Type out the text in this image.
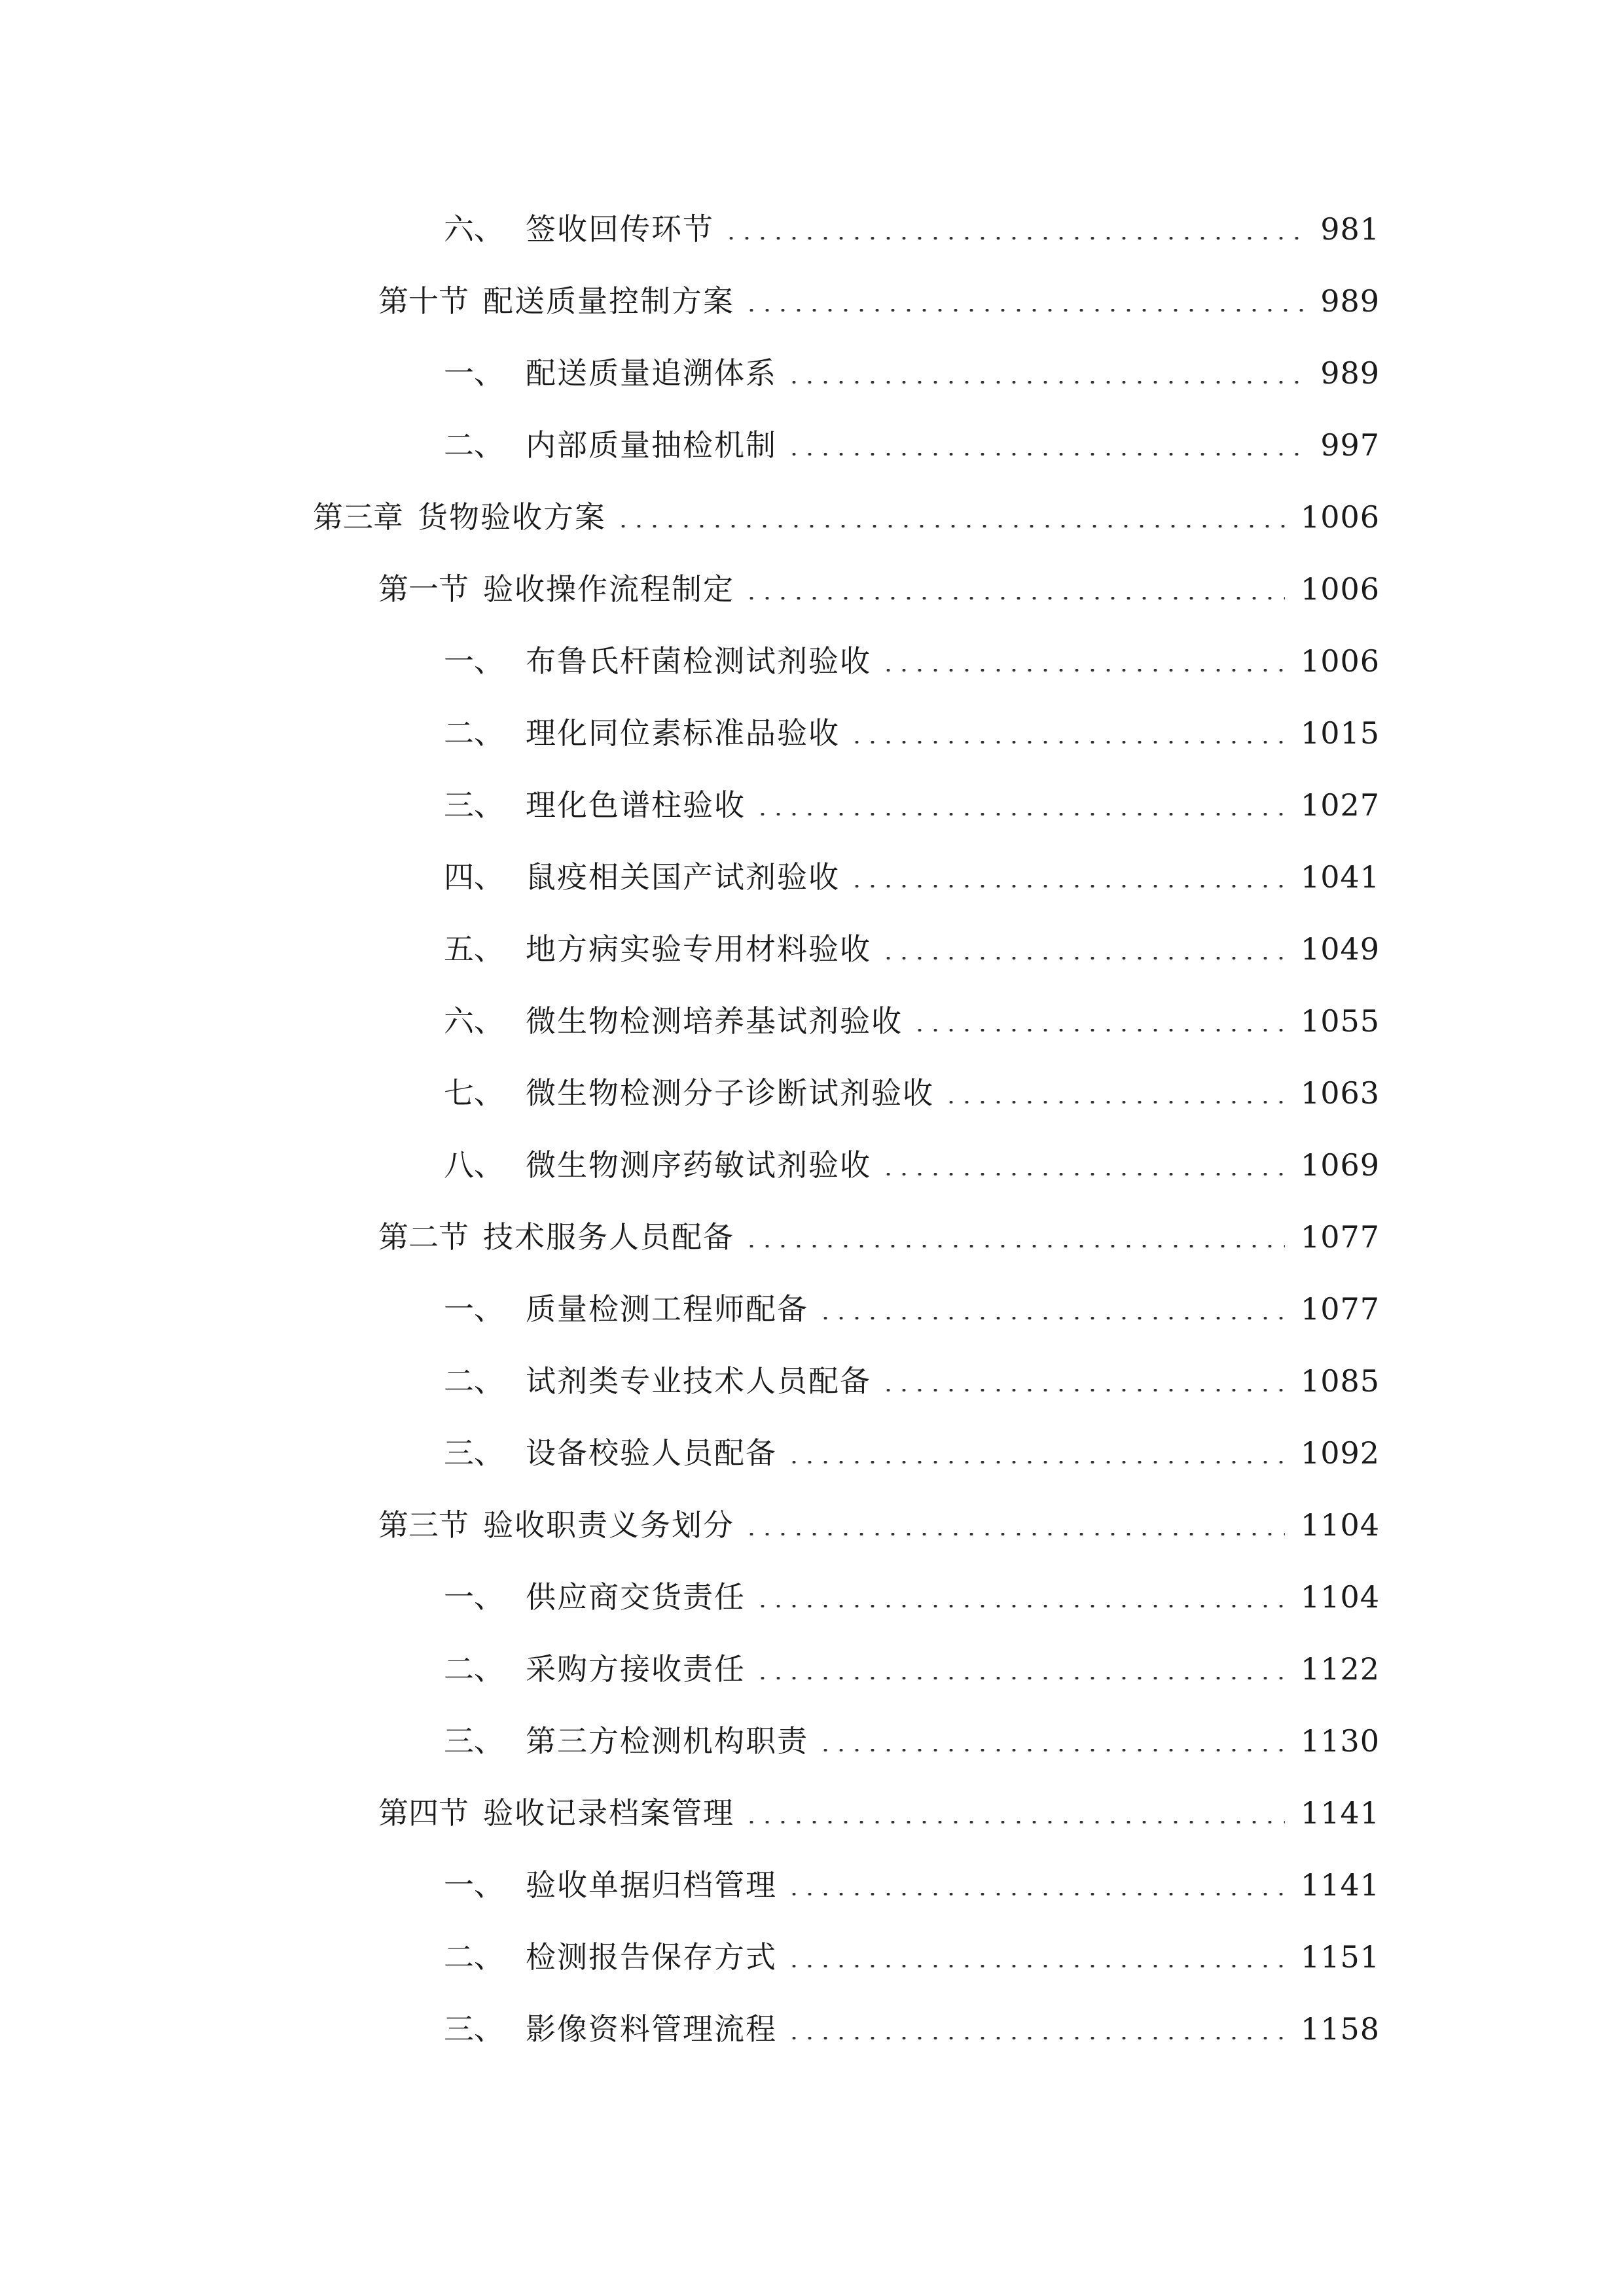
六、 签收回传环节	981
第十节 配送质量控制方案	989
一、 配送质量追溯体系	989
二、 内部质量抽检机制	997
第三章 货物验收方案	1006
第一节 验收操作流程制定	1006
一、 布鲁氏杆菌检测试剂验收	1006
二、 理化同位素标准品验收	1015
三、 理化色谱柱验收	1027
四、 鼠疫相关国产试剂验收	1041
五、 地方病实验专用材料验收	1049
六、 微生物检测培养基试剂验收	1055
七、 微生物检测分子诊断试剂验收	1063
八、 微生物测序药敏试剂验收	1069
第二节 技术服务人员配备	1077
一、 质量检测工程师配备	1077
二、 试剂类专业技术人员配备	1085
三、 设备校验人员配备	1092
第三节 验收职责义务划分	1104
一、 供应商交货责任	1104
二、 采购方接收责任	1122
三、 第三方检测机构职责	1130
第四节 验收记录档案管理	1141
一、 验收单据归档管理	1141
二、 检测报告保存方式	1151
三、 影像资料管理流程	1158
